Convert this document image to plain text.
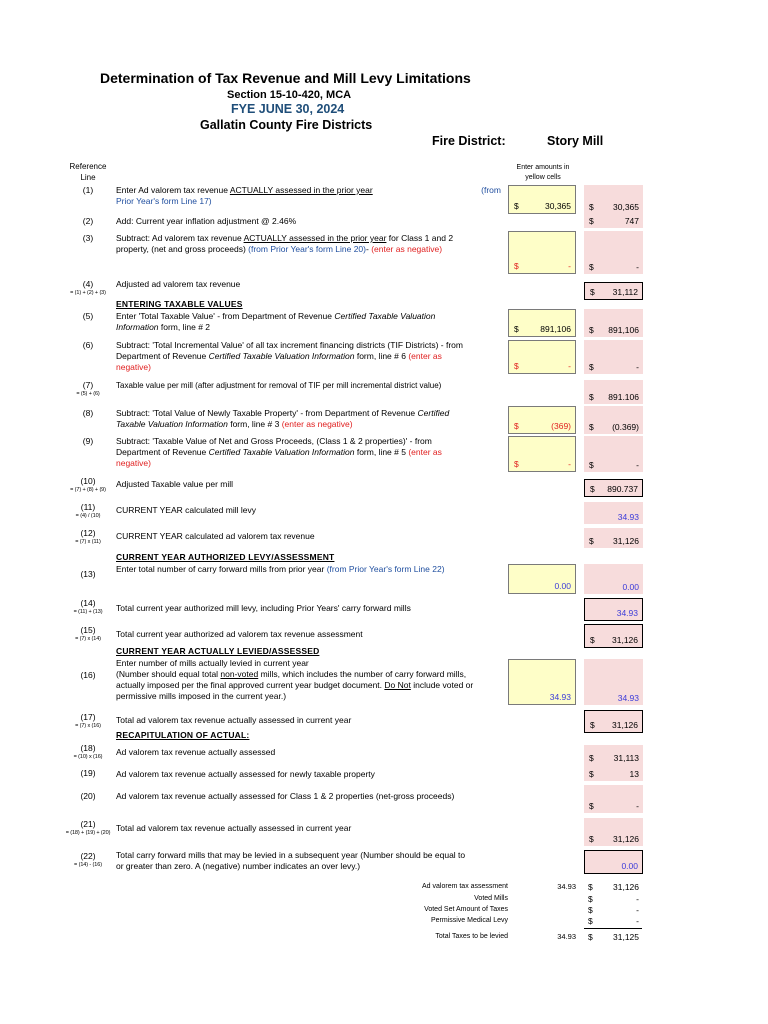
Determination of Tax Revenue and Mill Levy Limitations
Section 15-10-420, MCA
FYE JUNE 30, 2024
Gallatin County Fire Districts
Fire District:	Story Mill
Reference
Line
Enter amounts in
yellow cells
(1)	Enter Ad valorem tax revenue ACTUALLY assessed in the prior year	(from

Prior Year's form Line 17)	$	30,365 $ 30,365
(2)	Add: Current year inflation adjustment @ 2.46%	$	747
(3)	Subtract: Ad valorem tax revenue ACTUALLY assessed in the prior year for Class 1 and 2
property, (net and gross proceeds) (from Prior Year's form Line 20)- (enter as negative)
$	- $	-
(4)
= (1) + (2) + (3)
Adjusted ad valorem tax revenue
$ 31,112
ENTERING TAXABLE VALUES
(5)	Enter 'Total Taxable Value' - from Department of Revenue Certified Taxable Valuation
Information form, line # 2	$	891,106 $ 891,106
(6)	Subtract: 'Total Incremental Value' of all tax increment financing districts (TIF Districts) - from
Department of Revenue Certified Taxable Valuation Information form, line # 6 (enter as
negative)	$	- $	-
(7)
= (5) + (6)
Taxable value per mill (after adjustment for removal of TIF per mill incremental district value)
$ 891.106
(8)	Subtract: 'Total Value of Newly Taxable Property' - from Department of Revenue Certified
Taxable Valuation Information form, line # 3 (enter as negative)	$	(369) $ (0.369)
(9)	Subtract: 'Taxable Value of Net and Gross Proceeds, (Class 1 & 2 properties)' - from
Department of Revenue Certified Taxable Valuation Information form, line # 5 (enter as
negative)	$	- $	-
(10)
= (7) + (8) + (9)
Adjusted Taxable value per mill	$ 890.737
(11)
= (4) / (10)
CURRENT YEAR calculated mill levy
34.93
(12)
= (7) x (11)
CURRENT YEAR calculated ad valorem tax revenue	$ 31,126
CURRENT YEAR AUTHORIZED LEVY/ASSESSMENT
(13)	Enter total number of carry forward mills from prior year (from Prior Year's form Line 22)
0.00	0.00
(14)
= (11) + (13)	Total current year authorized mill levy, including Prior Years' carry forward mills	34.93
(15)
= (7) x (14)	Total current year authorized ad valorem tax revenue assessment
$ 31,126
CURRENT YEAR ACTUALLY LEVIED/ASSESSED
(16)
Enter number of mills actually levied in current year
(Number should equal total non-voted mills, which includes the number of carry forward mills,
actually imposed per the final approved current year budget document. Do Not include voted or
permissive mills imposed in the current year.)	34.93	34.93
(17)
= (7) x (16)
Total ad valorem tax revenue actually assessed in current year	$ 31,126
RECAPITULATION OF ACTUAL:
(18)
= (10) x (16)	Ad valorem tax revenue actually assessed
$ 31,113
(19)	Ad valorem tax revenue actually assessed for newly taxable property	$	13
(20)	Ad valorem tax revenue actually assessed for Class 1 & 2 properties (net-gross proceeds)
$	-
(21)
= (18) + (19) + (20) Total ad valorem tax revenue actually assessed in current year
$ 31,126
(22)
= (14) - (16)
Total carry forward mills that may be levied in a subsequent year (Number should be equal to
or greater than zero. A (negative) number indicates an over levy.)	0.00
Ad valorem tax assessment	34.93 $	31,126
Voted Mills	$	-
Voted Set Amount of Taxes	$	-
Permissive Medical Levy	$	-
Total Taxes to be levied	34.93 $	31,125
